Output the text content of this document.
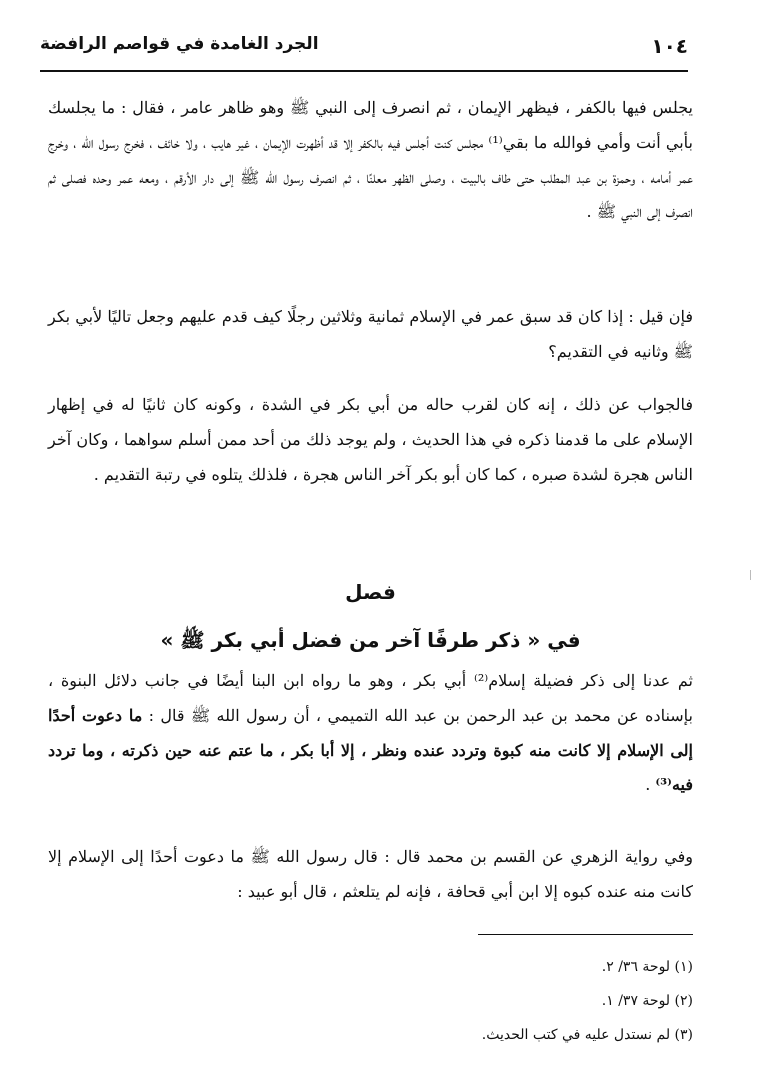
١٠٤
الجرد الغامدة في قواصم الرافضة

يجلس فيها بالكفر ، فيظهر الإيمان ، ثم انصرف إلى النبي ﷺ وهو ظاهر عامر ، فقال : ما يجلسك بأبي أنت وأمي فوالله ما بقي⁽¹⁾ مجلس كنت أجلس فيه بالكفر إلا قد أظهرت الإيمان ، غير هايب ، ولا خائف ، فخرج رسول الله ، وخرج عمر أمامه ، وحمزة بن عبد المطلب حتى طاف بالبيت ، وصلى الظهر معلنًا ، ثم انصرف رسول الله ﷺ إلى دار الأرقم ، ومعه عمر وحده فصلى ثم انصرف إلى النبي ﷺ .

فإن قيل : إذا كان قد سبق عمر في الإسلام ثمانية وثلاثين رجلًا كيف قدم عليهم وجعل تاليًا لأبي بكر ﷺ وثانيه في التقديم؟

فالجواب عن ذلك ، إنه كان لقرب حاله من أبي بكر في الشدة ، وكونه كان ثانيًا له في إظهار الإسلام على ما قدمنا ذكره في هذا الحديث ، ولم يوجد ذلك من أحد ممن أسلم سواهما ، وكان آخر الناس هجرة لشدة صبره ، كما كان أبو بكر آخر الناس هجرة ، فلذلك يتلوه في رتبة التقديم .

فصل
في « ذكر طرفًا آخر من فضل أبي بكر ﷺ »

ثم عدنا إلى ذكر فضيلة إسلام⁽²⁾ أبي بكر ، وهو ما رواه ابن البنا أيضًا في جانب دلائل البنوة ، بإسناده عن محمد بن عبد الرحمن بن عبد الله التميمي ، أن رسول الله ﷺ قال : ما دعوت أحدًا إلى الإسلام إلا كانت منه كبوة وتردد عنده ونظر ، إلا أبا بكر ، ما عتم عنه حين ذكرته ، وما تردد فيه⁽³⁾ .

وفي رواية الزهري عن القسم بن محمد قال : قال رسول الله ﷺ ما دعوت أحدًا إلى الإسلام إلا كانت منه عنده كبوه إلا ابن أبي قحافة ، فإنه لم يتلعثم ، قال أبو عبيد :

(١) لوحة ٣٦/ ٢.

(٢) لوحة ٣٧/ ١.

(٣) لم نستدل عليه في كتب الحديث.
